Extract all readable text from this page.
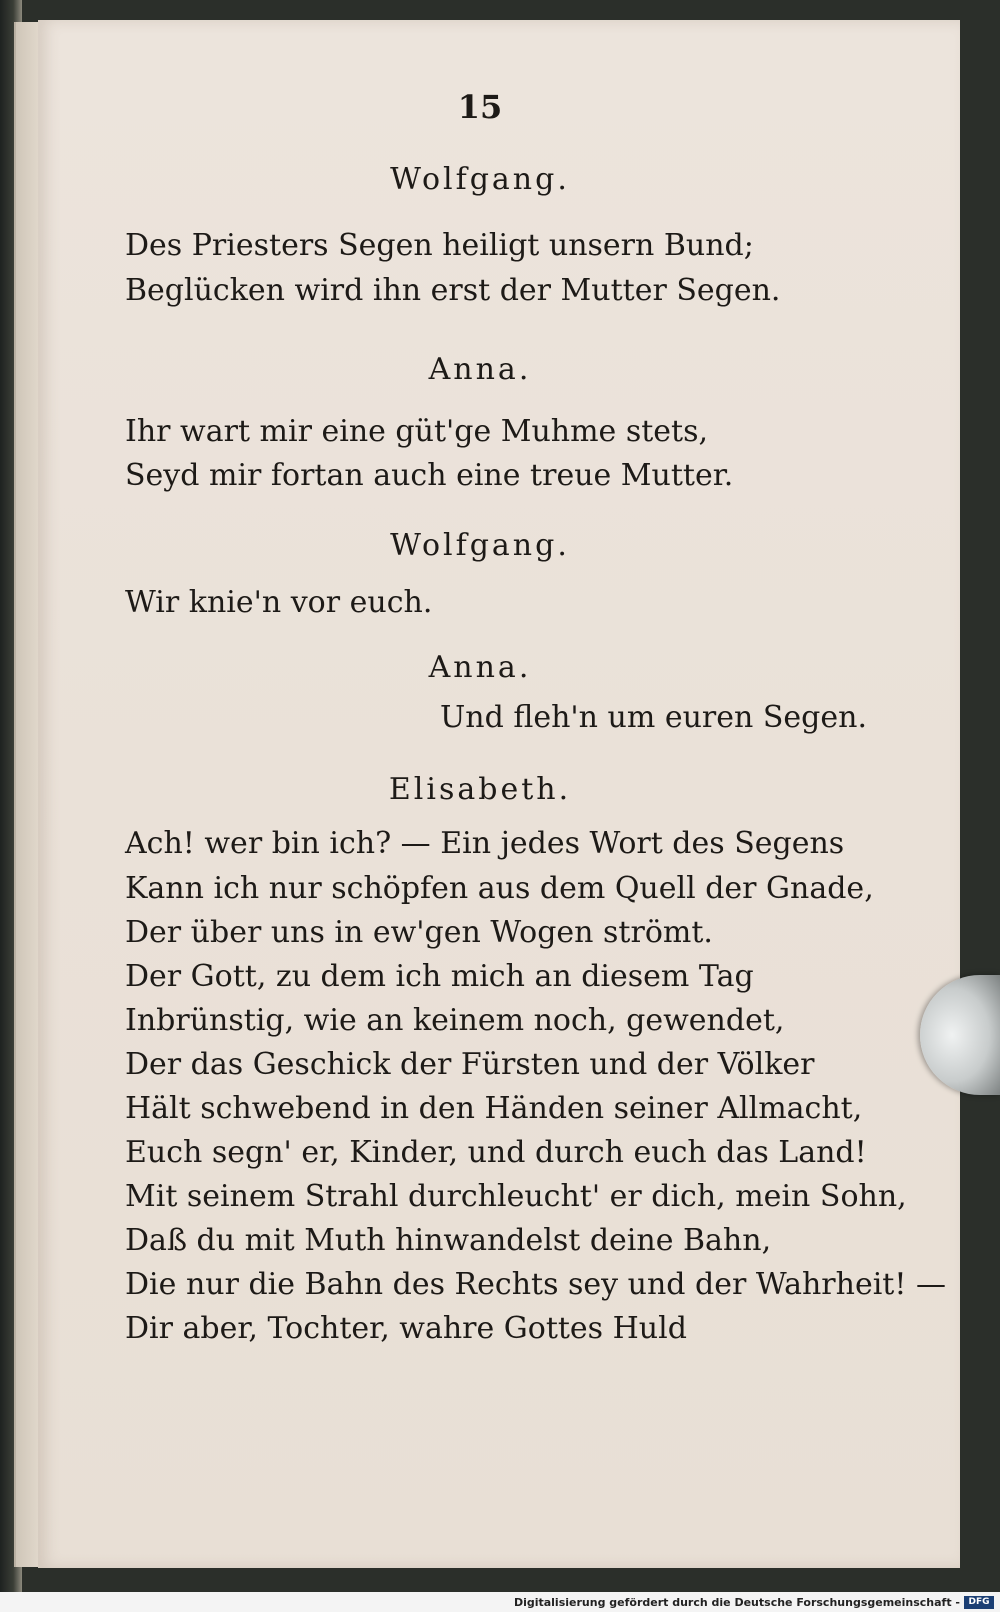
15
Wolfgang.
Des Priesters Segen heiligt unsern Bund;
Beglücken wird ihn erst der Mutter Segen.
Anna.
Ihr wart mir eine güt'ge Muhme stets,
Seyd mir fortan auch eine treue Mutter.
Wolfgang.
Wir knie'n vor euch.
Anna.
Und fleh'n um euren Segen.
Elisabeth.
Ach! wer bin ich? — Ein jedes Wort des Segens
Kann ich nur schöpfen aus dem Quell der Gnade,
Der über uns in ew'gen Wogen strömt.
Der Gott, zu dem ich mich an diesem Tag
Inbrünstig, wie an keinem noch, gewendet,
Der das Geschick der Fürsten und der Völker
Hält schwebend in den Händen seiner Allmacht,
Euch segn' er, Kinder, und durch euch das Land!
Mit seinem Strahl durchleucht' er dich, mein Sohn,
Daß du mit Muth hinwandelst deine Bahn,
Die nur die Bahn des Rechts sey und der Wahrheit! —
Dir aber, Tochter, wahre Gottes Huld
Digitalisierung gefördert durch die Deutsche Forschungsgemeinschaft - DFG
